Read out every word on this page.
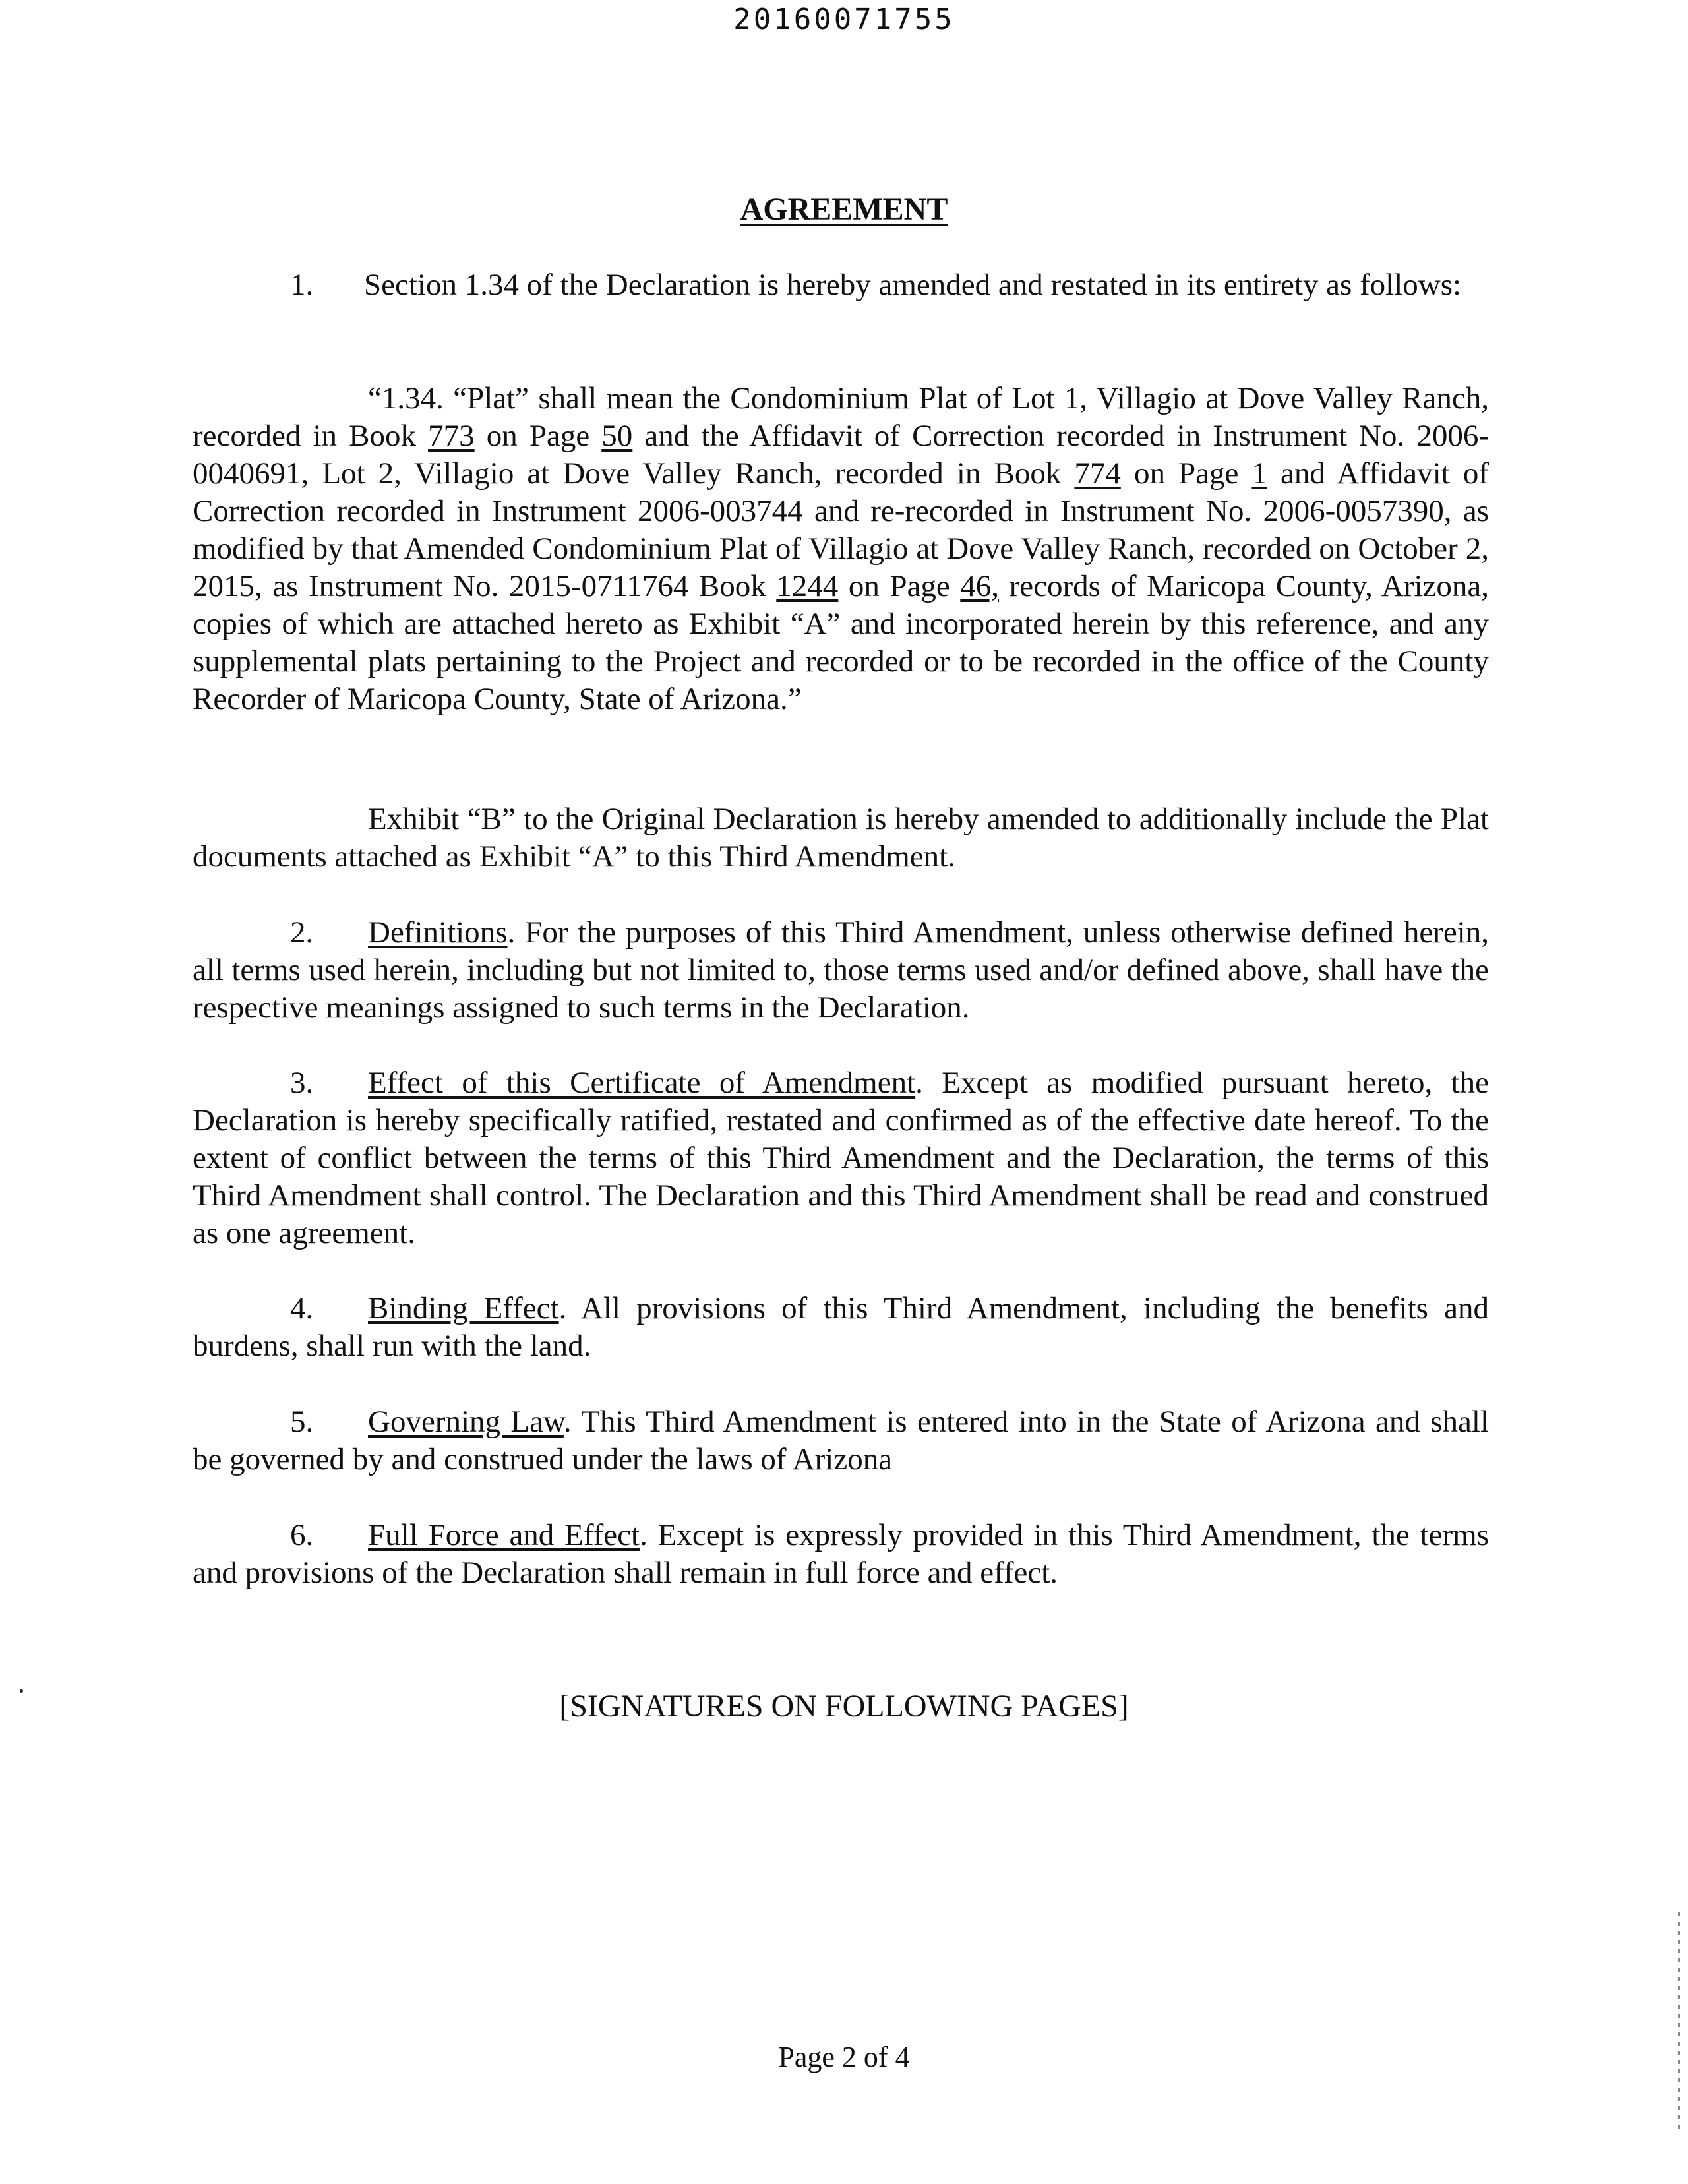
20160071755
AGREEMENT
1. Section 1.34 of the Declaration is hereby amended and restated in its entirety as follows:
“1.34. “Plat” shall mean the Condominium Plat of Lot 1, Villagio at Dove Valley Ranch, recorded in Book 773 on Page 50 and the Affidavit of Correction recorded in Instrument No. 2006-0040691, Lot 2, Villagio at Dove Valley Ranch, recorded in Book 774 on Page 1 and Affidavit of Correction recorded in Instrument 2006-003744 and re-recorded in Instrument No. 2006-0057390, as modified by that Amended Condominium Plat of Villagio at Dove Valley Ranch, recorded on October 2, 2015, as Instrument No. 2015-0711764 Book 1244 on Page 46, records of Maricopa County, Arizona, copies of which are attached hereto as Exhibit “A” and incorporated herein by this reference, and any supplemental plats pertaining to the Project and recorded or to be recorded in the office of the County Recorder of Maricopa County, State of Arizona.”
Exhibit “B” to the Original Declaration is hereby amended to additionally include the Plat documents attached as Exhibit “A” to this Third Amendment.
2. Definitions. For the purposes of this Third Amendment, unless otherwise defined herein, all terms used herein, including but not limited to, those terms used and/or defined above, shall have the respective meanings assigned to such terms in the Declaration.
3. Effect of this Certificate of Amendment. Except as modified pursuant hereto, the Declaration is hereby specifically ratified, restated and confirmed as of the effective date hereof. To the extent of conflict between the terms of this Third Amendment and the Declaration, the terms of this Third Amendment shall control. The Declaration and this Third Amendment shall be read and construed as one agreement.
4. Binding Effect. All provisions of this Third Amendment, including the benefits and burdens, shall run with the land.
5. Governing Law. This Third Amendment is entered into in the State of Arizona and shall be governed by and construed under the laws of Arizona
6. Full Force and Effect. Except is expressly provided in this Third Amendment, the terms and provisions of the Declaration shall remain in full force and effect.
[SIGNATURES ON FOLLOWING PAGES]
Page 2 of 4
